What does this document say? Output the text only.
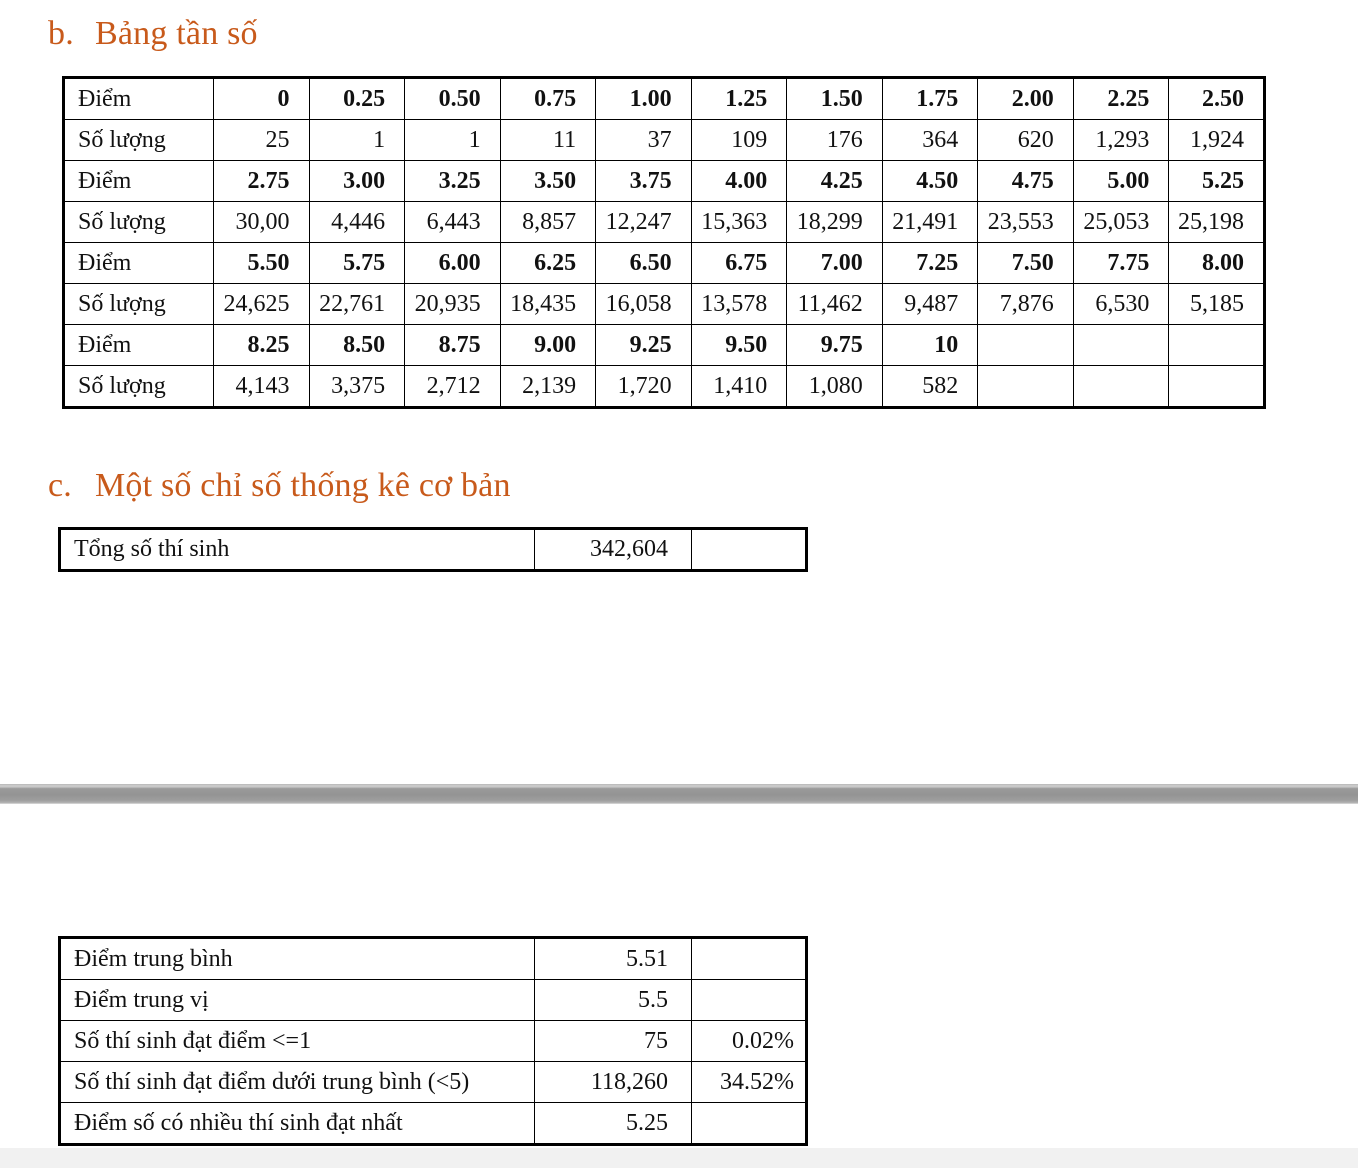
b. Bảng tần số
Điểm	0	0.25	0.50	0.75	1.00	1.25	1.50	1.75	2.00	2.25	2.50
Số lượng	25	1	1	11	37	109	176	364	620	1,293	1,924
Điểm	2.75	3.00	3.25	3.50	3.75	4.00	4.25	4.50	4.75	5.00	5.25
Số lượng	30,00	4,446	6,443	8,857	12,247	15,363	18,299	21,491	23,553	25,053	25,198
Điểm	5.50	5.75	6.00	6.25	6.50	6.75	7.00	7.25	7.50	7.75	8.00
Số lượng	24,625	22,761	20,935	18,435	16,058	13,578	11,462	9,487	7,876	6,530	5,185
Điểm	8.25	8.50	8.75	9.00	9.25	9.50	9.75	10			
Số lượng	4,143	3,375	2,712	2,139	1,720	1,410	1,080	582			
c. Một số chỉ số thống kê cơ bản
Tổng số thí sinh	342,604	
Điểm trung bình	5.51	
Điểm trung vị	5.5	
Số thí sinh đạt điểm <=1	75	0.02%
Số thí sinh đạt điểm dưới trung bình (<5)	118,260	34.52%
Điểm số có nhiều thí sinh đạt nhất	5.25	
